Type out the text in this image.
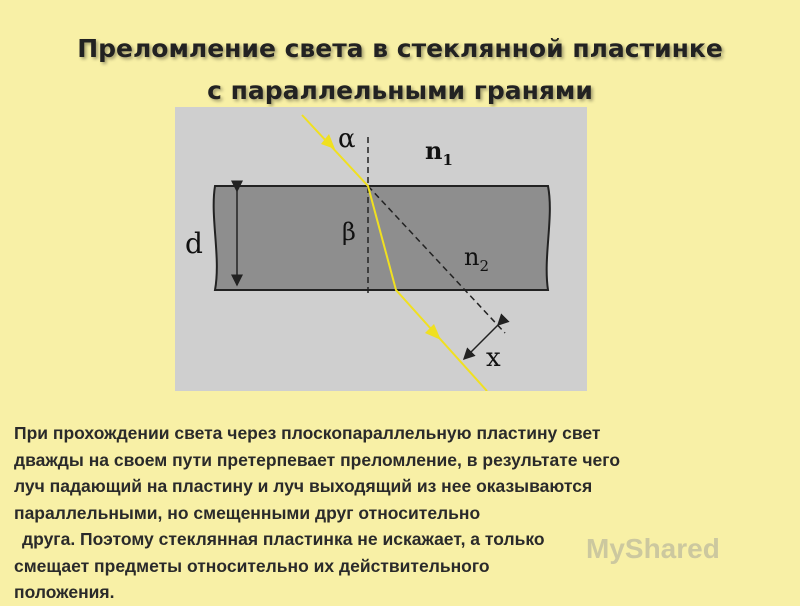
Преломление света в стеклянной пластинке
с параллельными гранями
α
β
d
x
$n_1$
$n_2$
При прохождении света через плоскопараллельную пластину свет
дважды на своем пути претерпевает преломление, в результате чего
луч падающий на пластину и луч выходящий из нее оказываются
параллельными, но смещенными друг относительно
друга. Поэтому стеклянная пластинка не искажает, а только
смещает предметы относительно их действительного
положения.
MyShared
